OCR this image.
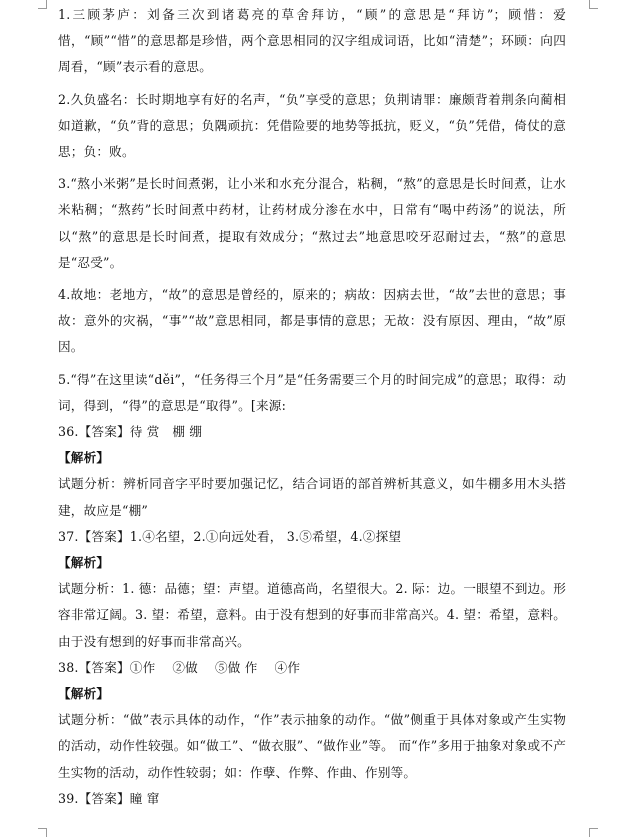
1.三顾茅庐：刘备三次到诸葛亮的草舍拜访，“顾”的意思是“拜访”；顾惜：爱惜，“顾”“惜”的意思都是珍惜，两个意思相同的汉字组成词语，比如“清楚”；环顾：向四周看，“顾”表示看的意思。

2.久负盛名：长时期地享有好的名声，“负”享受的意思；负荆请罪：廉颇背着荆条向蔺相如道歉，“负”背的意思；负隅顽抗：凭借险要的地势等抵抗，贬义，“负”凭借，倚仗的意思；负：败。

3.“熬小米粥”是长时间煮粥，让小米和水充分混合，粘稠，“熬”的意思是长时间煮，让水米粘稠；“熬药”长时间煮中药材，让药材成分渗在水中，日常有“喝中药汤”的说法，所以“熬”的意思是长时间煮，提取有效成分；“熬过去”地意思咬牙忍耐过去，“熬”的意思是“忍受”。

4.故地：老地方，“故”的意思是曾经的，原来的；病故：因病去世，“故”去世的意思；事故：意外的灾祸，“事”“故”意思相同，都是事情的意思；无故：没有原因、理由，“故”原因。

5.“得”在这里读“děi”，“任务得三个月”是“任务需要三个月的时间完成”的意思；取得：动词，得到，“得”的意思是“取得”。[来源:

36.【答案】待 赏　棚 绷

【解析】

试题分析：辨析同音字平时要加强记忆，结合词语的部首辨析其意义，如牛棚多用木头搭建，故应是“棚”

37.【答案】1.④名望，2.①向远处看， 3.⑤希望，4.②探望

【解析】

试题分析：1. 德：品德；望：声望。道德高尚，名望很大。2. 际：边。一眼望不到边。形容非常辽阔。3. 望：希望，意料。由于没有想到的好事而非常高兴。4. 望：希望，意料。由于没有想到的好事而非常高兴。

38.【答案】①作　 ②做　 ⑤做 作　 ④作

【解析】

试题分析：“做”表示具体的动作，“作”表示抽象的动作。“做”侧重于具体对象或产生实物的活动，动作性较强。如“做工”、“做衣服”、“做作业”等。 而“作”多用于抽象对象或不产生实物的活动，动作性较弱；如：作孽、作弊、作曲、作别等。

39.【答案】瞳 窜
